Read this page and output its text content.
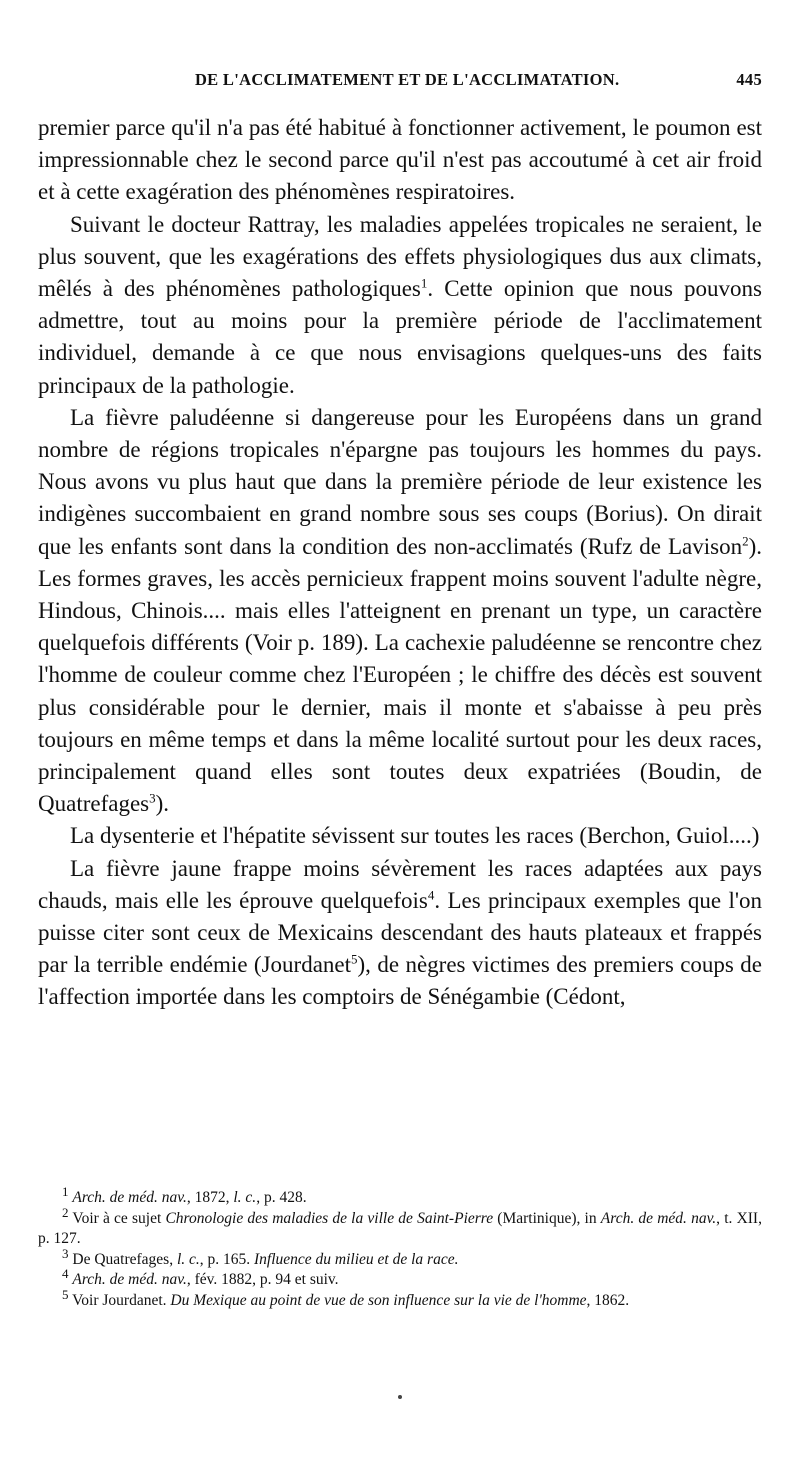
DE L'ACCLIMATEMENT ET DE L'ACCLIMATATION.	445

premier parce qu'il n'a pas été habitué à fonctionner activement, le poumon est impressionnable chez le second parce qu'il n'est pas accoutumé à cet air froid et à cette exagération des phénomènes respiratoires.

Suivant le docteur Rattray, les maladies appelées tropicales ne seraient, le plus souvent, que les exagérations des effets physiologiques dus aux climats, mêlés à des phénomènes pathologiques$^1$. Cette opinion que nous pouvons admettre, tout au moins pour la première période de l'acclimatement individuel, demande à ce que nous envisagions quelques-uns des faits principaux de la pathologie.

La fièvre paludéenne si dangereuse pour les Européens dans un grand nombre de régions tropicales n'épargne pas toujours les hommes du pays. Nous avons vu plus haut que dans la première période de leur existence les indigènes succombaient en grand nombre sous ses coups (Borius). On dirait que les enfants sont dans la condition des non-acclimatés (Rufz de Lavison$^2$). Les formes graves, les accès pernicieux frappent moins souvent l'adulte nègre, Hindous, Chinois.... mais elles l'atteignent en prenant un type, un caractère quelquefois différents (Voir p. 189). La cachexie paludéenne se rencontre chez l'homme de couleur comme chez l'Européen ; le chiffre des décès est souvent plus considérable pour le dernier, mais il monte et s'abaisse à peu près toujours en même temps et dans la même localité surtout pour les deux races, principalement quand elles sont toutes deux expatriées (Boudin, de Quatrefages$^3$).

La dysenterie et l'hépatite sévissent sur toutes les races (Berchon, Guiol....)

La fièvre jaune frappe moins sévèrement les races adaptées aux pays chauds, mais elle les éprouve quelquefois$^4$. Les principaux exemples que l'on puisse citer sont ceux de Mexicains descendant des hauts plateaux et frappés par la terrible endémie (Jourdanet$^5$), de nègres victimes des premiers coups de l'affection importée dans les comptoirs de Sénégambie (Cédont,

$^1$ Arch. de méd. nav., 1872, l. c., p. 428.

$^2$ Voir à ce sujet Chronologie des maladies de la ville de Saint-Pierre (Martinique), in Arch. de méd. nav., t. XII, p. 127.

$^3$ De Quatrefages, l. c., p. 165. Influence du milieu et de la race.

$^4$ Arch. de méd. nav., fév. 1882, p. 94 et suiv.

$^5$ Voir Jourdanet. Du Mexique au point de vue de son influence sur la vie de l'homme, 1862.
